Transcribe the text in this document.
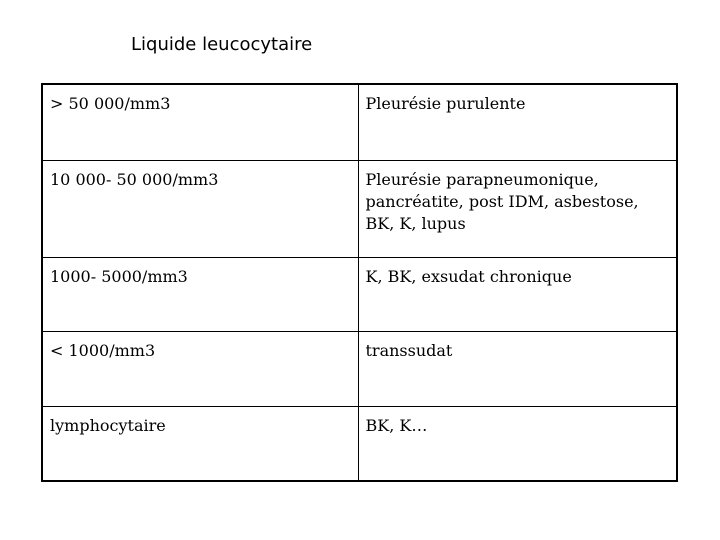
Liquide leucocytaire
> 50 000/mm3	Pleurésie purulente
10 000- 50 000/mm3	Pleurésie parapneumonique, pancréatite, post IDM, asbestose, BK, K, lupus
1000- 5000/mm3	K, BK, exsudat chronique
< 1000/mm3	transsudat
lymphocytaire	BK, K…
